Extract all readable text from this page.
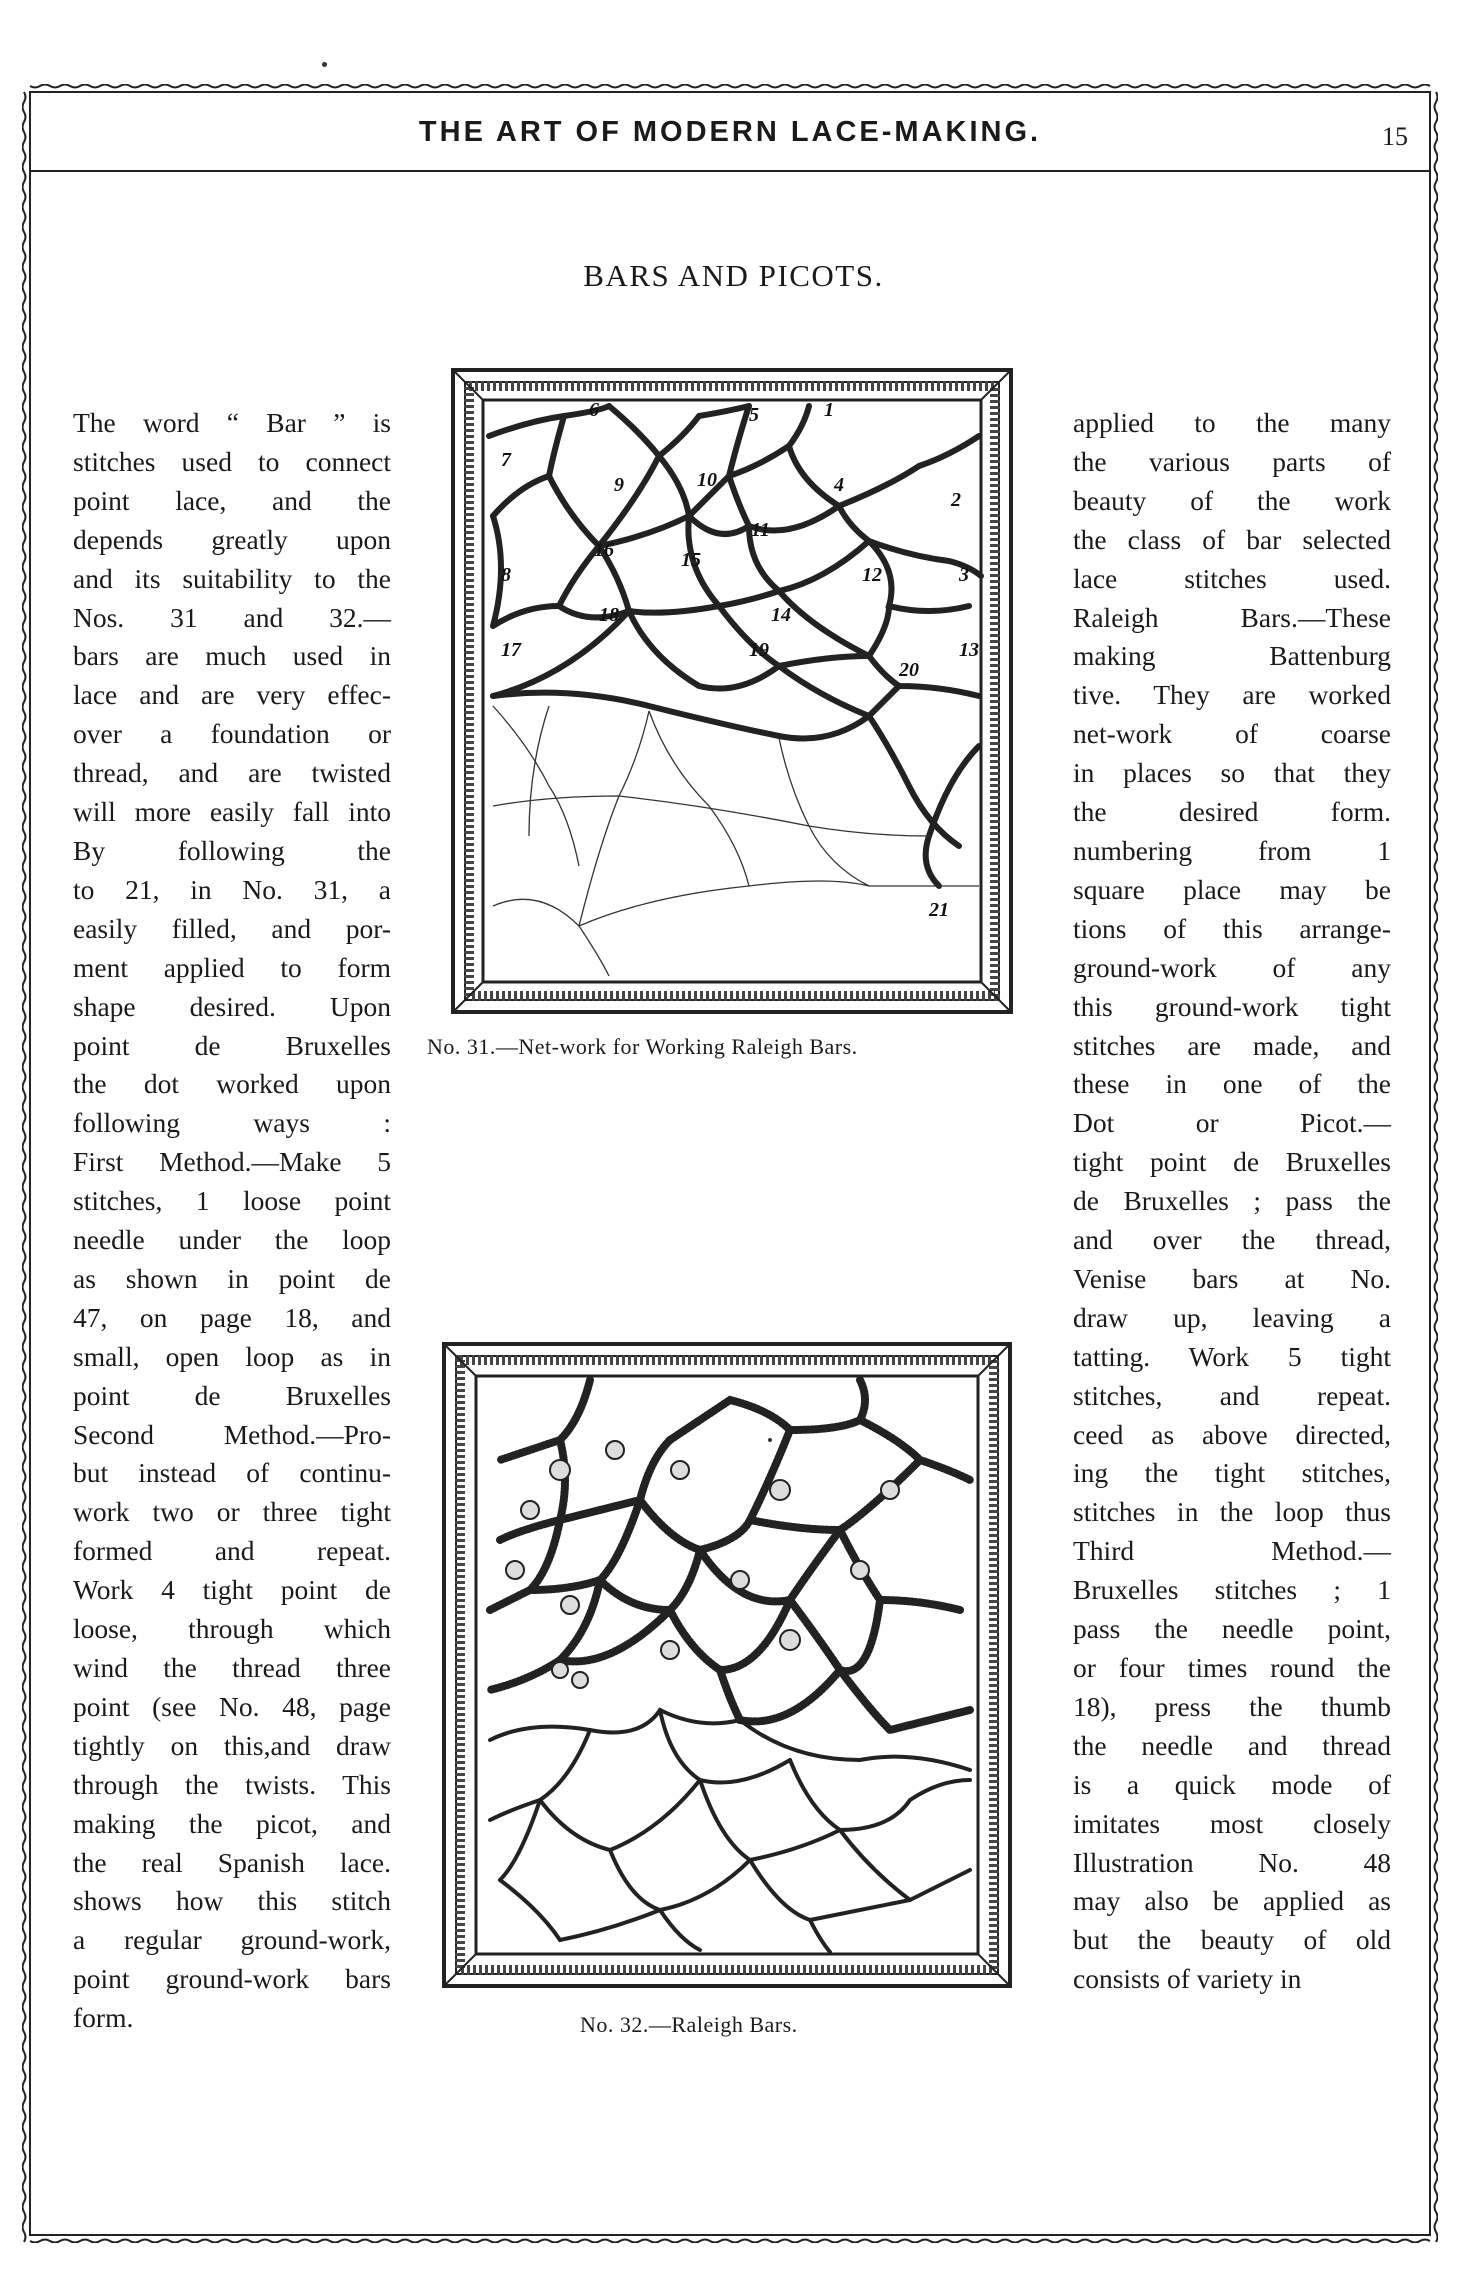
THE ART OF MODERN LACE-MAKING.	15
BARS AND PICOTS.
The word “ Bar ” is
stitches used to connect
point lace, and the
depends greatly upon
and its suitability to the
Nos. 31 and 32.—
bars are much used in
lace and are very effec-
over a foundation or
thread, and are twisted
will more easily fall into
By following the
to 21, in No. 31, a
easily filled, and por-
ment applied to form
shape desired. Upon
point de Bruxelles
the dot worked upon
following ways :
First Method.—Make 5
stitches, 1 loose point
needle under the loop
as shown in point de
47, on page 18, and
small, open loop as in
point de Bruxelles
Second Method.—Pro-
but instead of continu-
work two or three tight
formed and repeat.
Work 4 tight point de
loose, through which
wind the thread three
point (see No. 48, page
tightly on this,and draw
through the twists. This
making the picot, and
the real Spanish lace.
shows how this stitch
a regular ground-work,
point ground-work bars
form.
applied to the many
the various parts of
beauty of the work
the class of bar selected
lace stitches used.
Raleigh Bars.—These
making Battenburg
tive. They are worked
net-work of coarse
in places so that they
the desired form.
numbering from 1
square place may be
tions of this arrange-
ground-work of any
this ground-work tight
stitches are made, and
these in one of the
Dot or Picot.—
tight point de Bruxelles
de Bruxelles ; pass the
and over the thread,
Venise bars at No.
draw up, leaving a
tatting. Work 5 tight
stitches, and repeat.
ceed as above directed,
ing the tight stitches,
stitches in the loop thus
Third Method.—
Bruxelles stitches ; 1
pass the needle point,
or four times round the
18), press the thumb
the needle and thread
is a quick mode of
imitates most closely
Illustration No. 48
may also be applied as
but the beauty of old
consists of variety in
1
2
3
4
5
6
7
8
9	10
11
12
13
14
15
16
17
18
19
20
21
No. 31.—Net-work for Working Raleigh Bars.
No. 32.—Raleigh Bars.
